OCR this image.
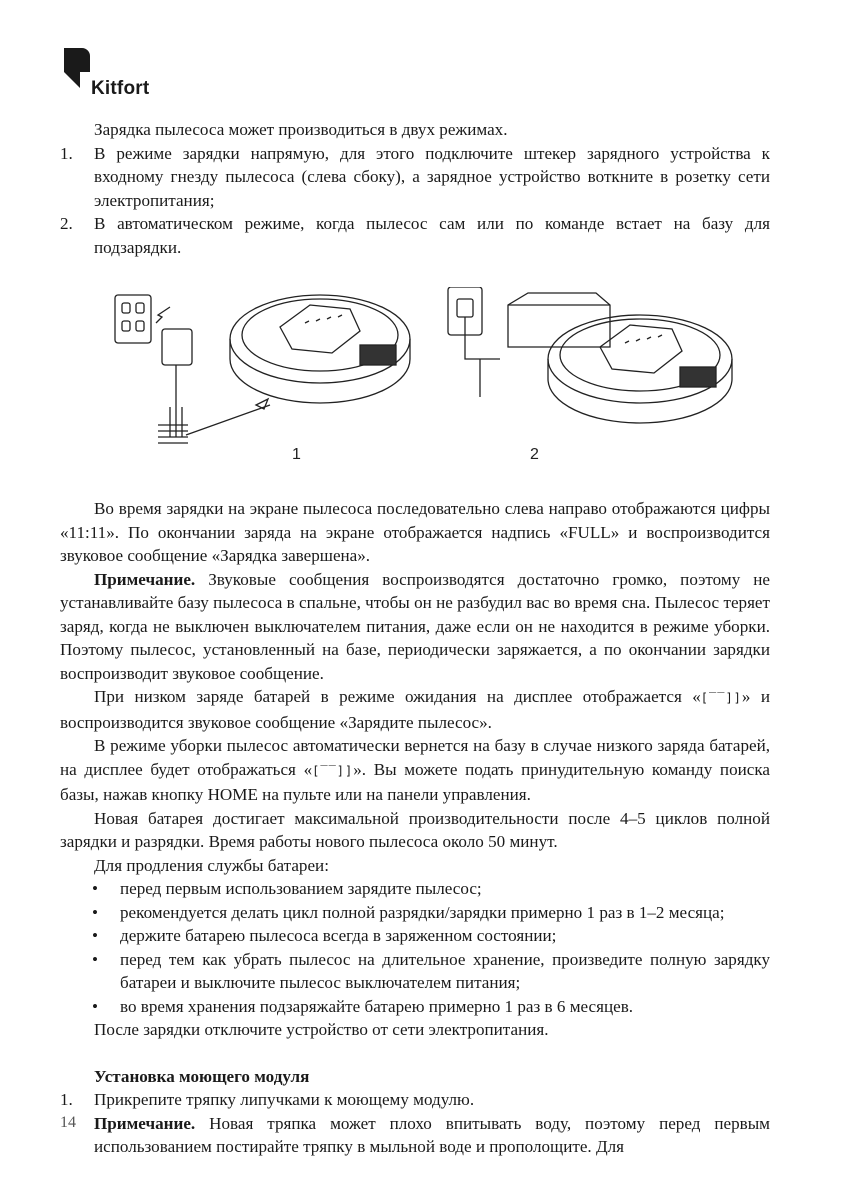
Kitfort

Зарядка пылесоса может производиться в двух режимах.

1. В режиме зарядки напрямую, для этого подключите штекер зарядного устройства к входному гнезду пылесоса (слева сбоку), а зарядное устройство воткните в розетку сети электропитания;

2. В автоматическом режиме, когда пылесос сам или по команде встает на базу для подзарядки.

1	2

Во время зарядки на экране пылесоса последовательно слева направо отображаются цифры «11:11». По окончании заряда на экране отображается надпись «FULL» и воспроизводится звуковое сообщение «Зарядка завершена».

Примечание. Звуковые сообщения воспроизводятся достаточно громко, поэтому не устанавливайте базу пылесоса в спальне, чтобы он не разбудил вас во время сна. Пылесос теряет заряд, когда не выключен выключателем питания, даже если он не находится в режиме уборки. Поэтому пылесос, установленный на базе, периодически заряжается, а по окончании зарядки воспроизводит звуковое сообщение.

При низком заряде батарей в режиме ожидания на дисплее отображается «[‾‾]]» и воспроизводится звуковое сообщение «Зарядите пылесос».

В режиме уборки пылесос автоматически вернется на базу в случае низкого заряда батарей, на дисплее будет отображаться «[‾‾]]». Вы можете подать принудительную команду поиска базы, нажав кнопку HOME на пульте или на панели управления.

Новая батарея достигает максимальной производительности после 4–5 циклов полной зарядки и разрядки. Время работы нового пылесоса около 50 минут.

Для продления службы батареи:

• перед первым использованием зарядите пылесос;

• рекомендуется делать цикл полной разрядки/зарядки примерно 1 раз в 1–2 месяца;

• держите батарею пылесоса всегда в заряженном состоянии;

• перед тем как убрать пылесос на длительное хранение, произведите полную зарядку батареи и выключите пылесос выключателем питания;

• во время хранения подзаряжайте батарею примерно 1 раз в 6 месяцев.

После зарядки отключите устройство от сети электропитания.

Установка моющего модуля

1. Прикрепите тряпку липучками к моющему модулю.

Примечание. Новая тряпка может плохо впитывать воду, поэтому перед первым использованием постирайте тряпку в мыльной воде и прополощите. Для

14
